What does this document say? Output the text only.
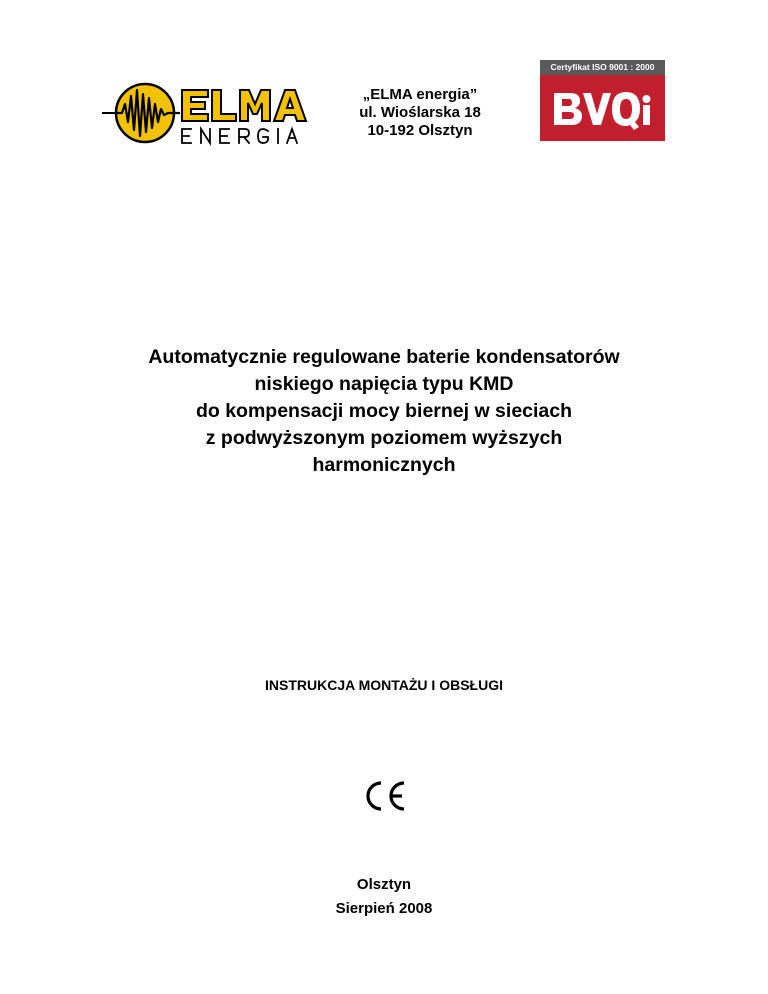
„ELMA energia”
ul. Wioślarska 18
10-192 Olsztyn
Certyfikat ISO 9001 : 2000
Automatycznie regulowane baterie kondensatorów
niskiego napięcia typu KMD
do kompensacji mocy biernej w sieciach
z podwyższonym poziomem wyższych
harmonicznych
INSTRUKCJA MONTAŻU I OBSŁUGI
Olsztyn
Sierpień 2008
